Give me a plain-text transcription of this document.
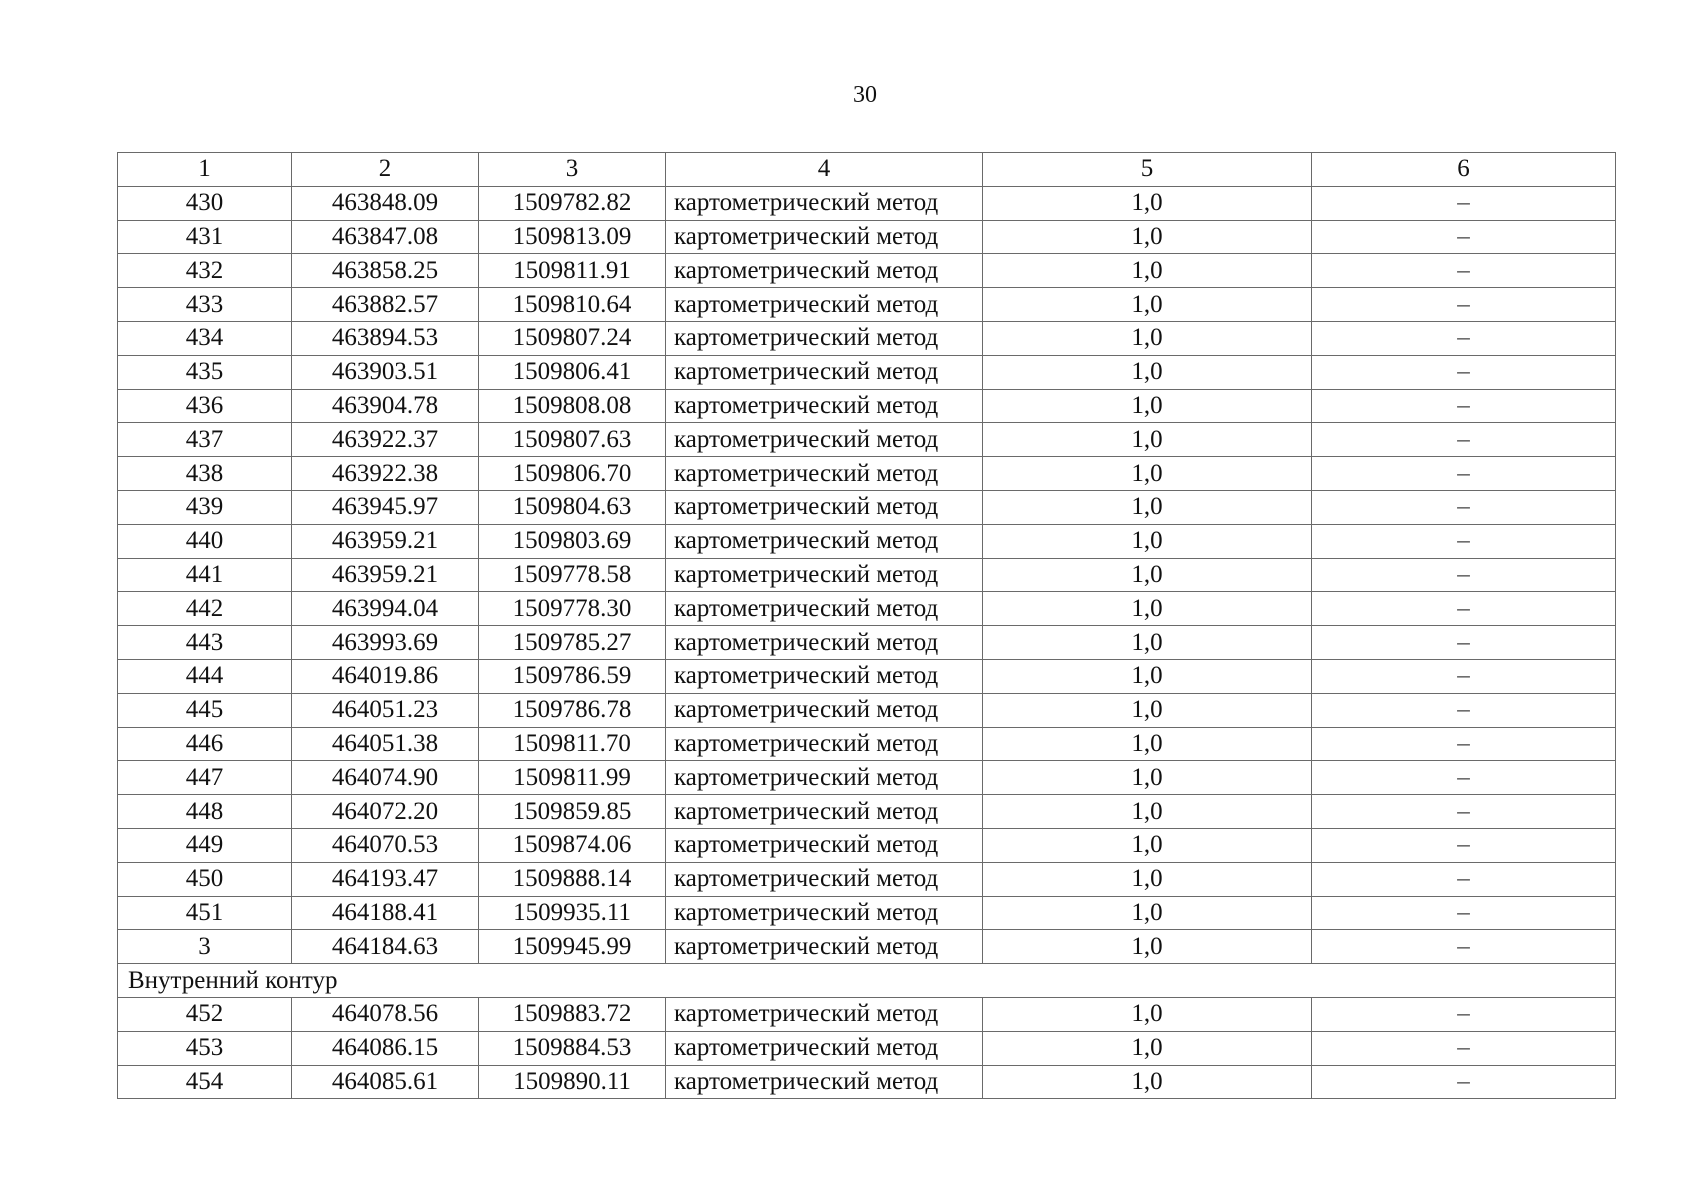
30
1	2	3	4	5	6
430	463848.09	1509782.82	картометрический метод	1,0	–
431	463847.08	1509813.09	картометрический метод	1,0	–
432	463858.25	1509811.91	картометрический метод	1,0	–
433	463882.57	1509810.64	картометрический метод	1,0	–
434	463894.53	1509807.24	картометрический метод	1,0	–
435	463903.51	1509806.41	картометрический метод	1,0	–
436	463904.78	1509808.08	картометрический метод	1,0	–
437	463922.37	1509807.63	картометрический метод	1,0	–
438	463922.38	1509806.70	картометрический метод	1,0	–
439	463945.97	1509804.63	картометрический метод	1,0	–
440	463959.21	1509803.69	картометрический метод	1,0	–
441	463959.21	1509778.58	картометрический метод	1,0	–
442	463994.04	1509778.30	картометрический метод	1,0	–
443	463993.69	1509785.27	картометрический метод	1,0	–
444	464019.86	1509786.59	картометрический метод	1,0	–
445	464051.23	1509786.78	картометрический метод	1,0	–
446	464051.38	1509811.70	картометрический метод	1,0	–
447	464074.90	1509811.99	картометрический метод	1,0	–
448	464072.20	1509859.85	картометрический метод	1,0	–
449	464070.53	1509874.06	картометрический метод	1,0	–
450	464193.47	1509888.14	картометрический метод	1,0	–
451	464188.41	1509935.11	картометрический метод	1,0	–
3	464184.63	1509945.99	картометрический метод	1,0	–
Внутренний контур					
452	464078.56	1509883.72	картометрический метод	1,0	–
453	464086.15	1509884.53	картометрический метод	1,0	–
454	464085.61	1509890.11	картометрический метод	1,0	–
